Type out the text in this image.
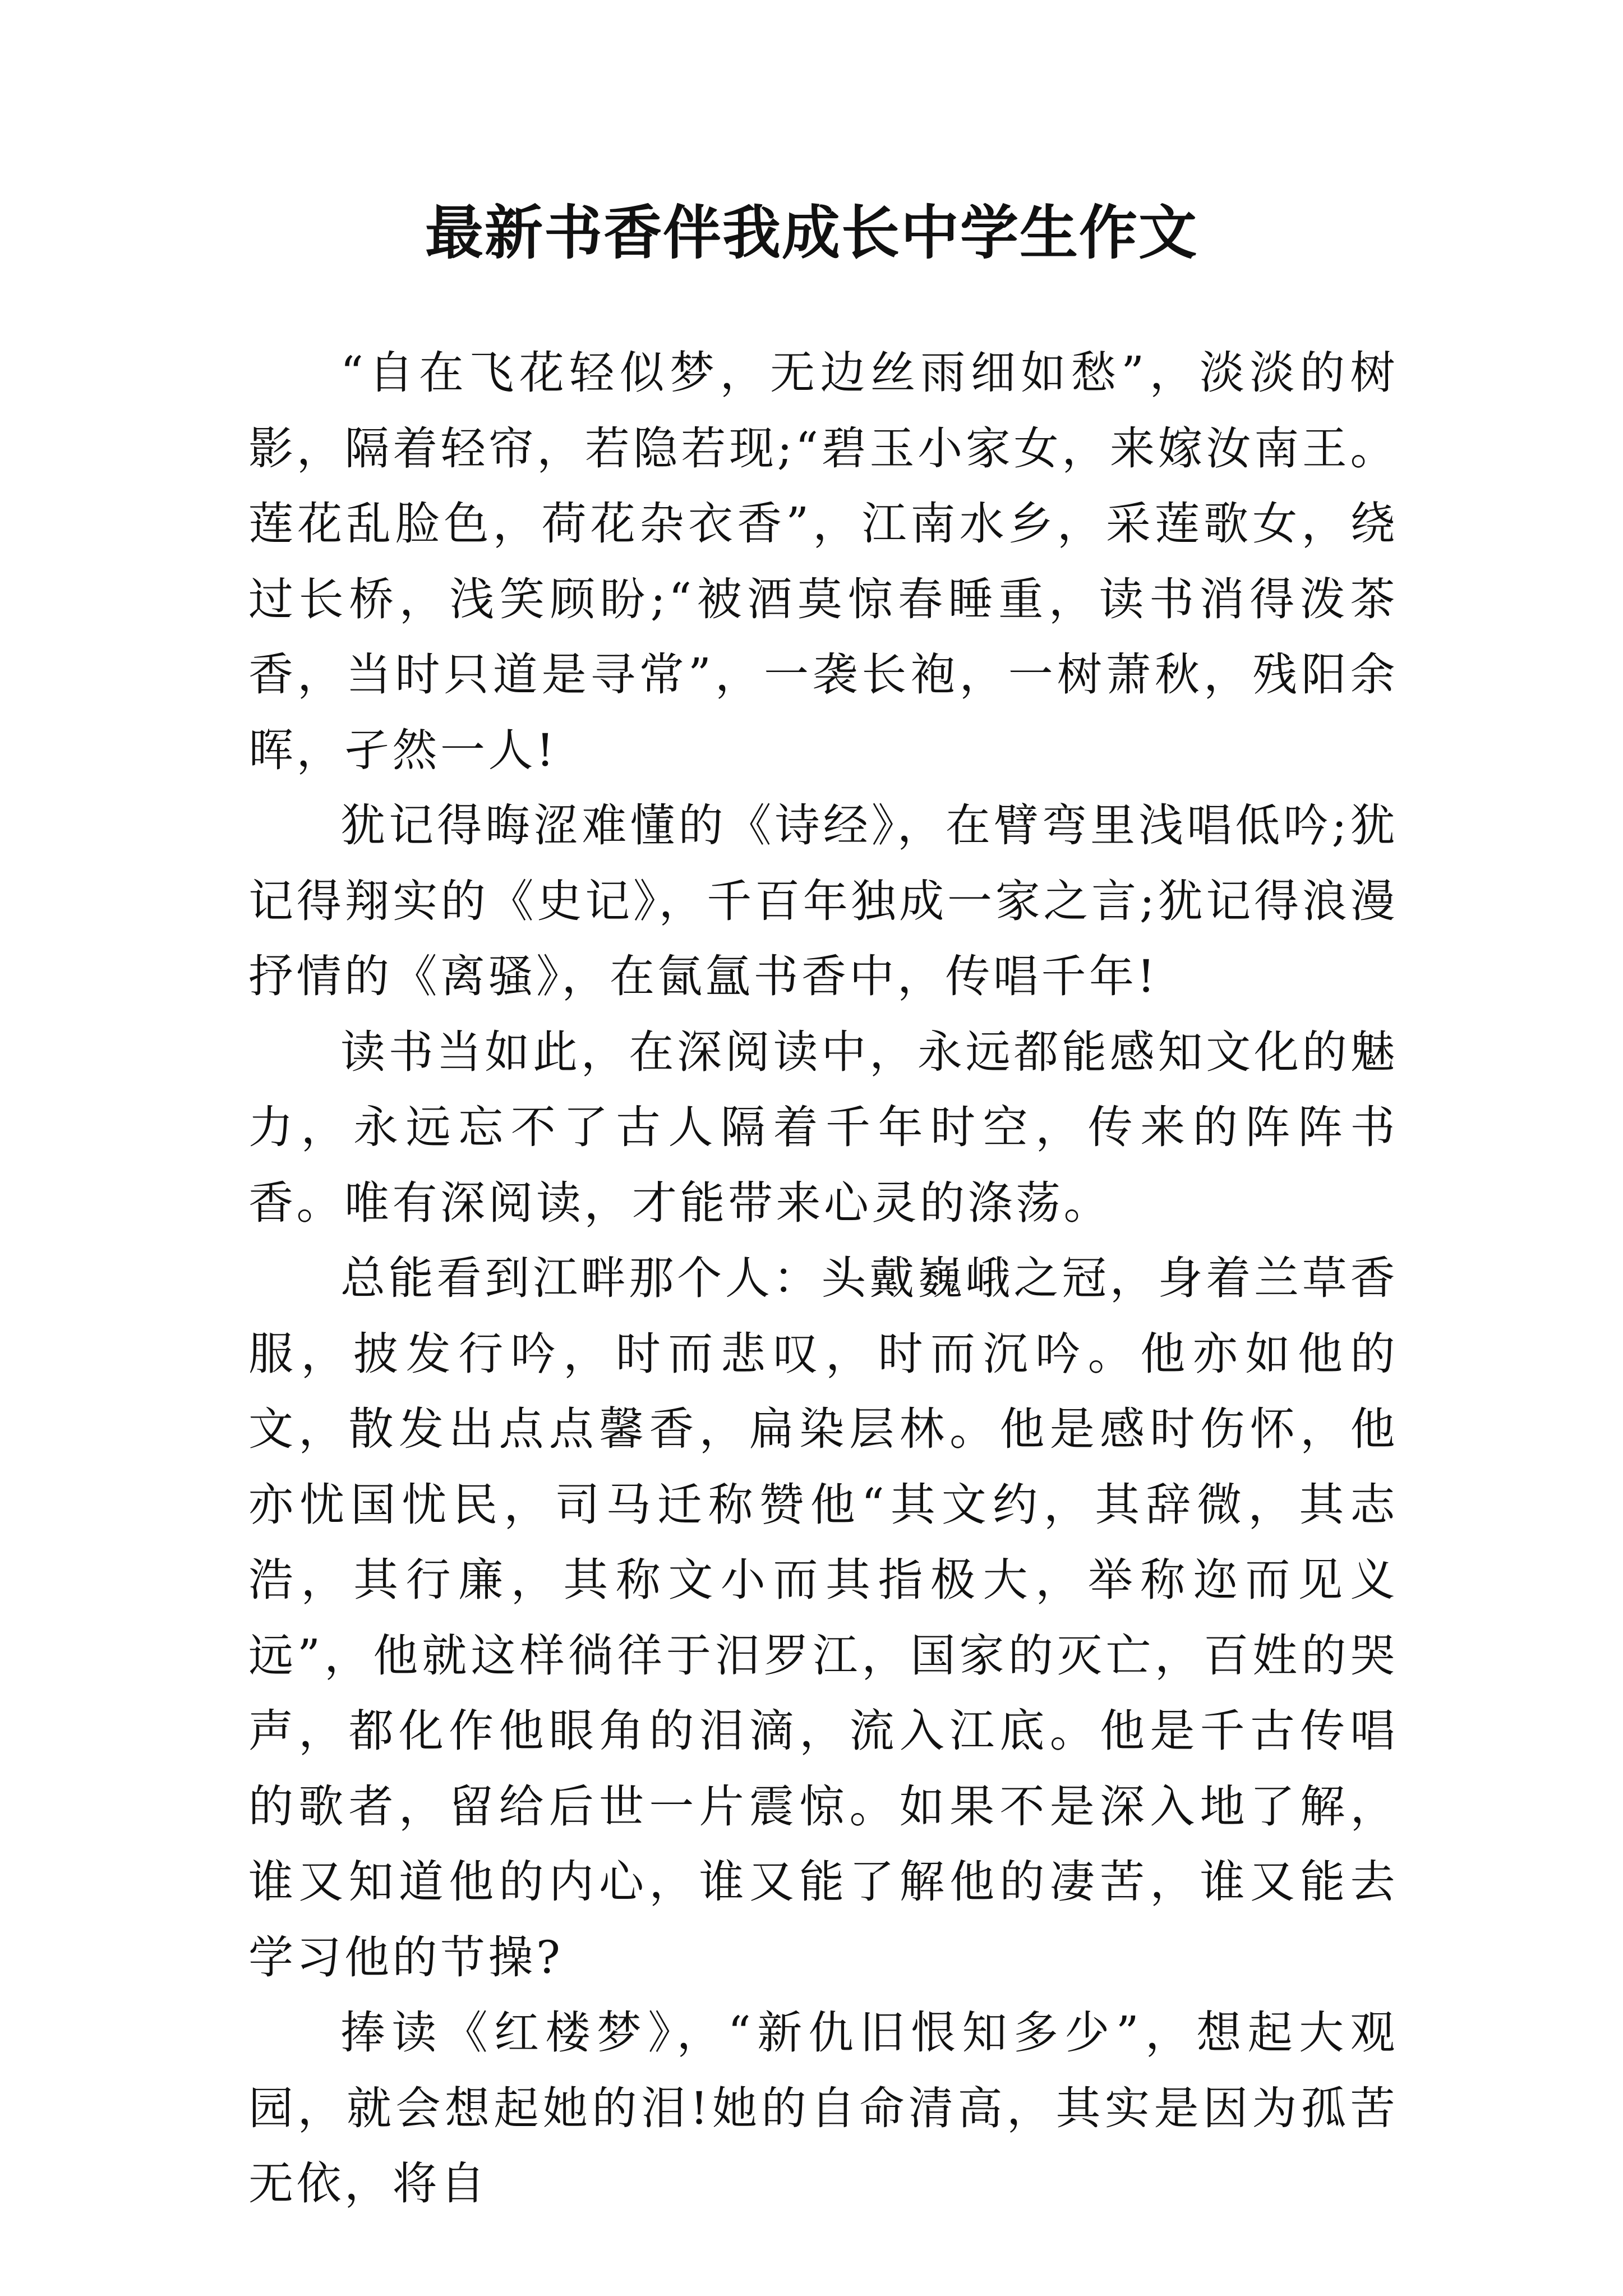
最新书香伴我成长中学生作文

“自在飞花轻似梦，无边丝雨细如愁”，淡淡的树影，隔着轻帘，若隐若现;“碧玉小家女，来嫁汝南王。莲花乱脸色，荷花杂衣香”，江南水乡，采莲歌女，绕过长桥，浅笑顾盼;“被酒莫惊春睡重，读书消得泼茶香，当时只道是寻常”，一袭长袍，一树萧秋，残阳余晖，孑然一人!

犹记得晦涩难懂的《诗经》，在臂弯里浅唱低吟;犹记得翔实的《史记》，千百年独成一家之言;犹记得浪漫抒情的《离骚》，在氤氲书香中，传唱千年!

读书当如此，在深阅读中，永远都能感知文化的魅力，永远忘不了古人隔着千年时空，传来的阵阵书香。唯有深阅读，才能带来心灵的涤荡。

总能看到江畔那个人：头戴巍峨之冠，身着兰草香服，披发行吟，时而悲叹，时而沉吟。他亦如他的文，散发出点点馨香，扁染层林。他是感时伤怀，他亦忧国忧民，司马迁称赞他“其文约，其辞微，其志浩，其行廉，其称文小而其指极大，举称迩而见义远”，他就这样徜徉于汨罗江，国家的灭亡，百姓的哭声，都化作他眼角的泪滴，流入江底。他是千古传唱的歌者，留给后世一片震惊。如果不是深入地了解，谁又知道他的内心，谁又能了解他的凄苦，谁又能去学习他的节操?

捧读《红楼梦》，“新仇旧恨知多少”，想起大观园，就会想起她的泪!她的自命清高，其实是因为孤苦无依，将自
